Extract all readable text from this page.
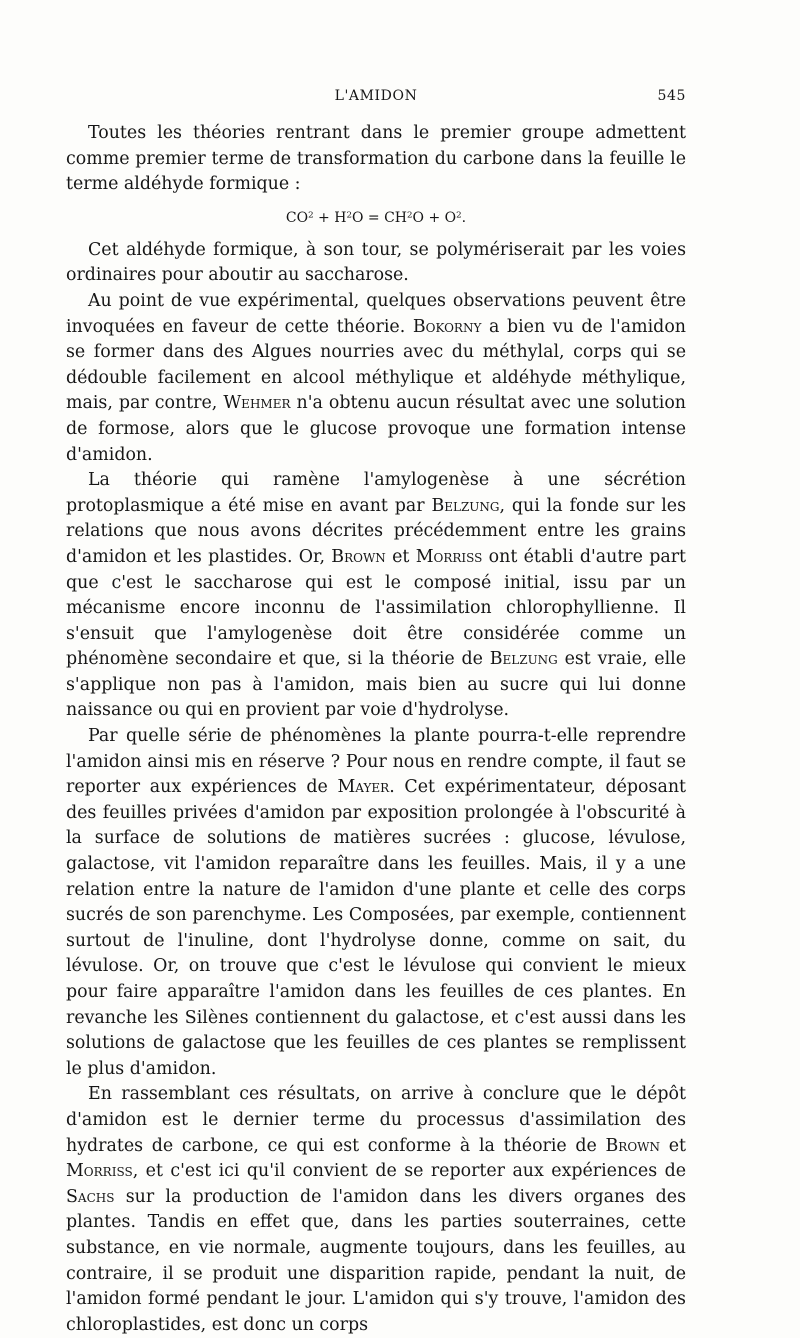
L'AMIDON	545

Toutes les théories rentrant dans le premier groupe admettent comme premier terme de transformation du carbone dans la feuille le terme aldéhyde formique :

$CO^2 + H^2O = CH^2O + O^2$.

Cet aldéhyde formique, à son tour, se polymériserait par les voies ordinaires pour aboutir au saccharose.

Au point de vue expérimental, quelques observations peuvent être invoquées en faveur de cette théorie. Bokorny a bien vu de l'amidon se former dans des Algues nourries avec du méthylal, corps qui se dédouble facilement en alcool méthylique et aldéhyde méthylique, mais, par contre, Wehmer n'a obtenu aucun résultat avec une solution de formose, alors que le glucose provoque une formation intense d'amidon.

La théorie qui ramène l'amylogenèse à une sécrétion protoplasmique a été mise en avant par Belzung, qui la fonde sur les relations que nous avons décrites précédemment entre les grains d'amidon et les plastides. Or, Brown et Morriss ont établi d'autre part que c'est le saccharose qui est le composé initial, issu par un mécanisme encore inconnu de l'assimilation chlorophyllienne. Il s'ensuit que l'amylogenèse doit être considérée comme un phénomène secondaire et que, si la théorie de Belzung est vraie, elle s'applique non pas à l'amidon, mais bien au sucre qui lui donne naissance ou qui en provient par voie d'hydrolyse.

Par quelle série de phénomènes la plante pourra-t-elle reprendre l'amidon ainsi mis en réserve ? Pour nous en rendre compte, il faut se reporter aux expériences de Mayer. Cet expérimentateur, déposant des feuilles privées d'amidon par exposition prolongée à l'obscurité à la surface de solutions de matières sucrées : glucose, lévulose, galactose, vit l'amidon reparaître dans les feuilles. Mais, il y a une relation entre la nature de l'amidon d'une plante et celle des corps sucrés de son parenchyme. Les Composées, par exemple, contiennent surtout de l'inuline, dont l'hydrolyse donne, comme on sait, du lévulose. Or, on trouve que c'est le lévulose qui convient le mieux pour faire apparaître l'amidon dans les feuilles de ces plantes. En revanche les Silènes contiennent du galactose, et c'est aussi dans les solutions de galactose que les feuilles de ces plantes se remplissent le plus d'amidon.

En rassemblant ces résultats, on arrive à conclure que le dépôt d'amidon est le dernier terme du processus d'assimilation des hydrates de carbone, ce qui est conforme à la théorie de Brown et Morriss, et c'est ici qu'il convient de se reporter aux expériences de Sachs sur la production de l'amidon dans les divers organes des plantes. Tandis en effet que, dans les parties souterraines, cette substance, en vie normale, augmente toujours, dans les feuilles, au contraire, il se produit une disparition rapide, pendant la nuit, de l'amidon formé pendant le jour. L'amidon qui s'y trouve, l'amidon des chloroplastides, est donc un corps
